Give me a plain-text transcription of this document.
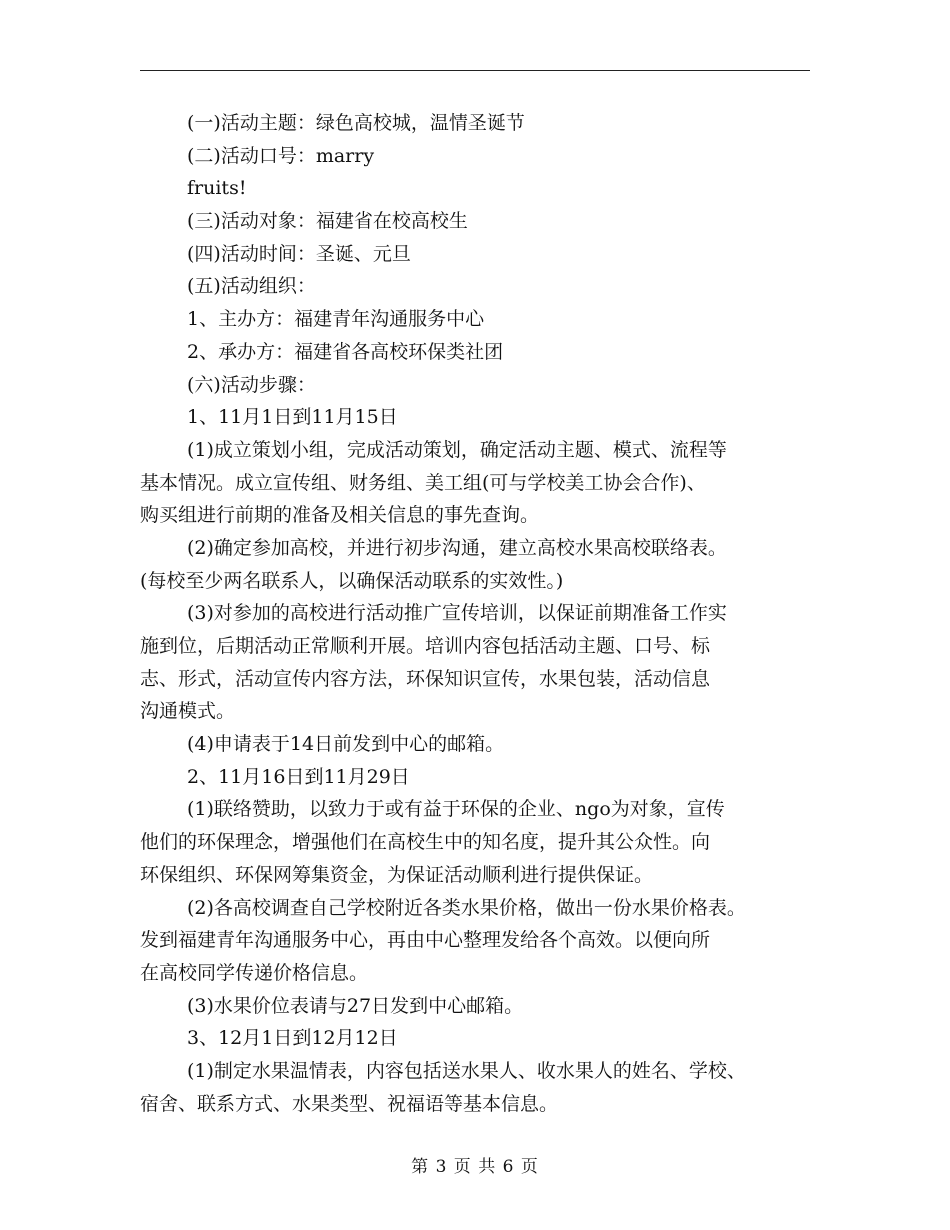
(一)活动主题：绿色高校城，温情圣诞节
(二)活动口号：marry
fruits!
(三)活动对象：福建省在校高校生
(四)活动时间：圣诞、元旦
(五)活动组织：
1、主办方：福建青年沟通服务中心
2、承办方：福建省各高校环保类社团
(六)活动步骤：
1、11月1日到11月15日
(1)成立策划小组，完成活动策划，确定活动主题、模式、流程等
基本情况。成立宣传组、财务组、美工组(可与学校美工协会合作)、
购买组进行前期的准备及相关信息的事先查询。
(2)确定参加高校，并进行初步沟通，建立高校水果高校联络表。
(每校至少两名联系人，以确保活动联系的实效性。)
(3)对参加的高校进行活动推广宣传培训，以保证前期准备工作实
施到位，后期活动正常顺利开展。培训内容包括活动主题、口号、标
志、形式，活动宣传内容方法，环保知识宣传，水果包装，活动信息
沟通模式。
(4)申请表于14日前发到中心的邮箱。
2、11月16日到11月29日
(1)联络赞助，以致力于或有益于环保的企业、ngo为对象，宣传
他们的环保理念，增强他们在高校生中的知名度，提升其公众性。向
环保组织、环保网筹集资金，为保证活动顺利进行提供保证。
(2)各高校调查自己学校附近各类水果价格，做出一份水果价格表。
发到福建青年沟通服务中心，再由中心整理发给各个高效。以便向所
在高校同学传递价格信息。
(3)水果价位表请与27日发到中心邮箱。
3、12月1日到12月12日
(1)制定水果温情表，内容包括送水果人、收水果人的姓名、学校、
宿舍、联系方式、水果类型、祝福语等基本信息。
第 3 页 共 6 页
